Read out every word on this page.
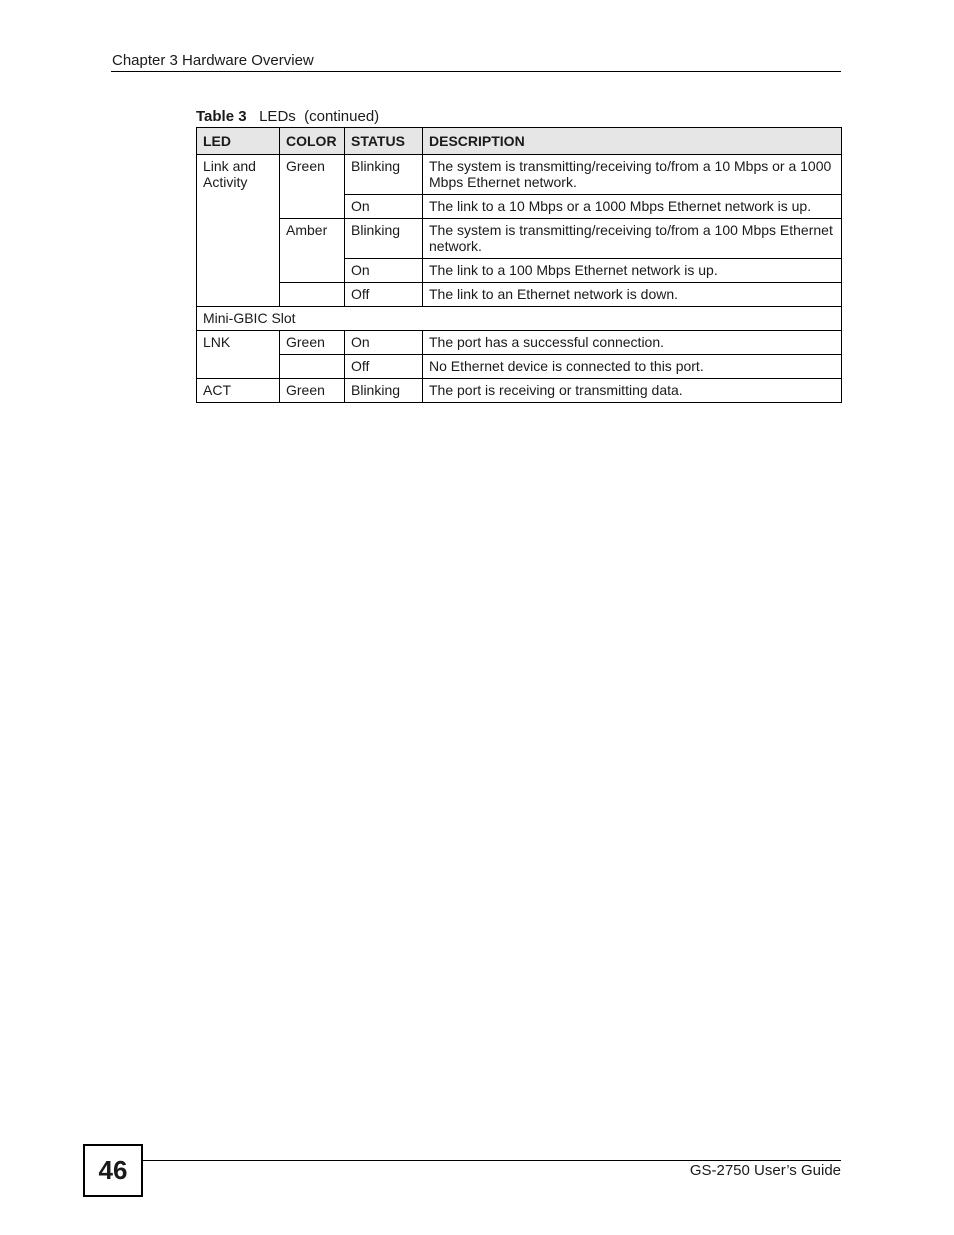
Chapter 3 Hardware Overview
Table 3 LEDs  (continued)
LED	COLOR	STATUS	DESCRIPTION
Link and Activity	Green	Blinking	The system is transmitting/receiving to/from a 10 Mbps or a 1000 Mbps Ethernet network.
		On	The link to a 10 Mbps or a 1000 Mbps Ethernet network is up.
	Amber	Blinking	The system is transmitting/receiving to/from a 100 Mbps Ethernet network.
		On	The link to a 100 Mbps Ethernet network is up.
		Off	The link to an Ethernet network is down.
Mini-GBIC Slot			
LNK	Green	On	The port has a successful connection.
		Off	No Ethernet device is connected to this port.
ACT	Green	Blinking	The port is receiving or transmitting data.
46	GS-2750 User’s Guide
